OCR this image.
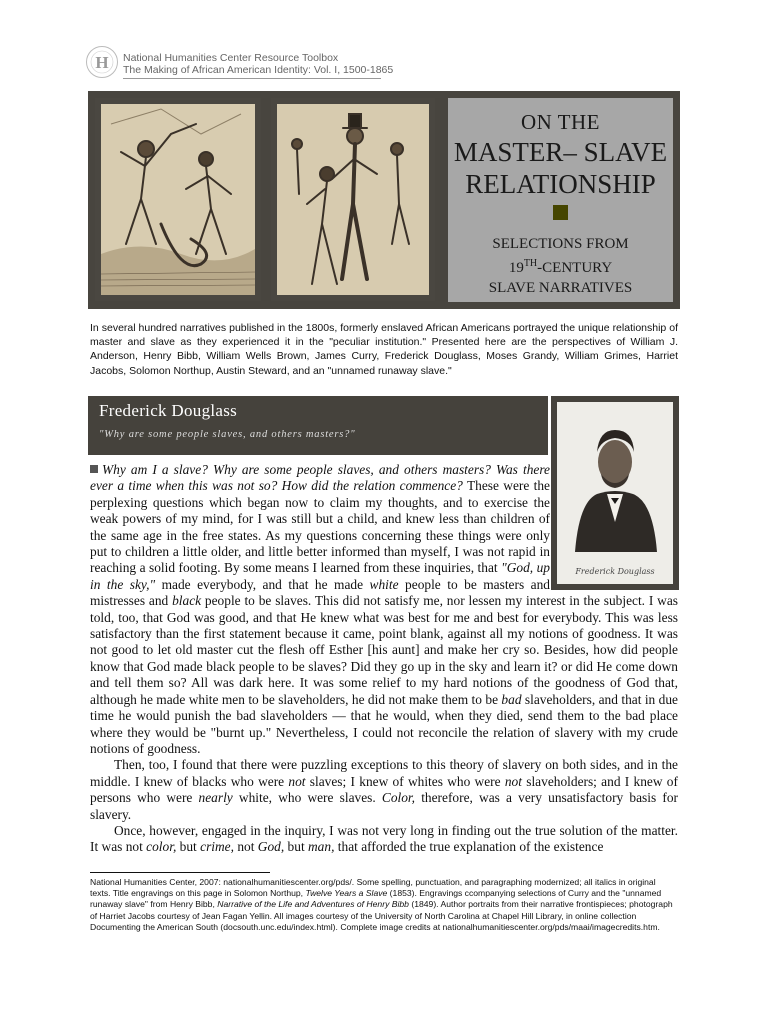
H National Humanities Center Resource Toolbox
The Making of African American Identity: Vol. I, 1500-1865
ON THE
MASTER– SLAVE
RELATIONSHIP
SELECTIONS FROM
19TH-CENTURY
SLAVE NARRATIVES
In several hundred narratives published in the 1800s, formerly enslaved African Americans portrayed the unique relationship of master and slave as they experienced it in the "peculiar institution." Presented here are the perspectives of William J. Anderson, Henry Bibb, William Wells Brown, James Curry, Frederick Douglass, Moses Grandy, William Grimes, Harriet Jacobs, Solomon Northup, Austin Steward, and an "unnamed runaway slave."
Frederick Douglass
"Why are some people slaves, and others masters?"
Frederick Douglass

Why am I a slave? Why are some people slaves, and others masters? Was there ever a time when this was not so? How did the relation commence? These were the perplexing questions which began now to claim my thoughts, and to exercise the weak powers of my mind, for I was still but a child, and knew less than children of the same age in the free states. As my questions concerning these things were only put to children a little older, and little better informed than myself, I was not rapid in reaching a solid footing. By some means I learned from these inquiries, that "God, up in the sky," made everybody, and that he made white people to be masters and mistresses and black people to be slaves. This did not satisfy me, nor lessen my interest in the subject. I was told, too, that God was good, and that He knew what was best for me and best for everybody. This was less satisfactory than the first statement because it came, point blank, against all my notions of goodness. It was not good to let old master cut the flesh off Esther [his aunt] and make her cry so. Besides, how did people know that God made black people to be slaves? Did they go up in the sky and learn it? or did He come down and tell them so? All was dark here. It was some relief to my hard notions of the goodness of God that, although he made white men to be slaveholders, he did not make them to be bad slaveholders, and that in due time he would punish the bad slaveholders — that he would, when they died, send them to the bad place where they would be "burnt up." Nevertheless, I could not reconcile the relation of slavery with my crude notions of goodness.

Then, too, I found that there were puzzling exceptions to this theory of slavery on both sides, and in the middle. I knew of blacks who were not slaves; I knew of whites who were not slaveholders; and I knew of persons who were nearly white, who were slaves. Color, therefore, was a very unsatisfactory basis for slavery.

Once, however, engaged in the inquiry, I was not very long in finding out the true solution of the matter. It was not color, but crime, not God, but man, that afforded the true explanation of the existence

National Humanities Center, 2007: nationalhumanitiescenter.org/pds/. Some spelling, punctuation, and paragraphing modernized; all italics in original texts. Title engravings on this page in Solomon Northup, Twelve Years a Slave (1853). Engravings ccompanying selections of Curry and the "unnamed runaway slave" from Henry Bibb, Narrative of the Life and Adventures of Henry Bibb (1849). Author portraits from their narrative frontispieces; photograph of Harriet Jacobs courtesy of Jean Fagan Yellin. All images courtesy of the University of North Carolina at Chapel Hill Library, in online collection Documenting the American South (docsouth.unc.edu/index.html). Complete image credits at nationalhumanitiescenter.org/pds/maai/imagecredits.htm.
